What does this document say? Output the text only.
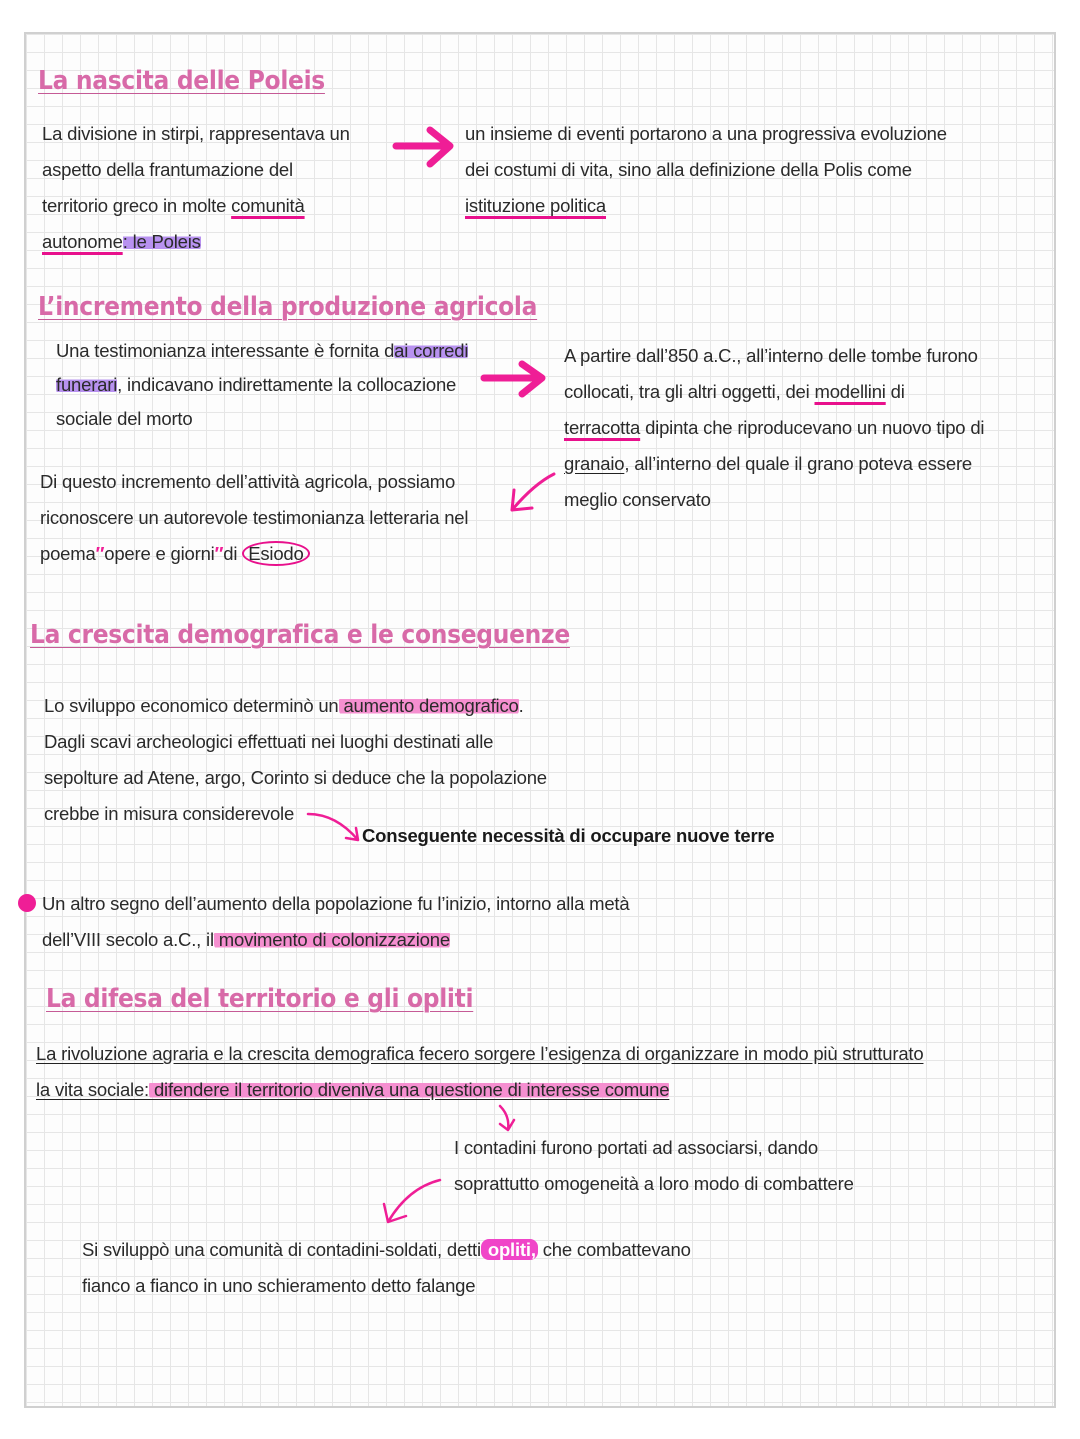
La nascita delle Poleis

La divisione in stirpi, rappresentava un

aspetto della frantumazione del

territorio greco in molte comunità

autonome: le Poleis

un insieme di eventi portarono a una progressiva evoluzione

dei costumi di vita, sino alla definizione della Polis come

istituzione politica

L’incremento della produzione agricola

Una testimonianza interessante è fornita dai corredi

funerari, indicavano indirettamente la collocazione

sociale del morto

A partire dall’850 a.C., all’interno delle tombe furono

collocati, tra gli altri oggetti, dei modellini di

terracotta dipinta che riproducevano un nuovo tipo di

granaio, all’interno del quale il grano poteva essere

meglio conservato

Di questo incremento dell’attività agricola, possiamo

riconoscere un autorevole testimonianza letteraria nel

poema″opere e giorni″di Esiodo

La crescita demografica e le conseguenze

Lo sviluppo economico determinò un aumento demografico.

Dagli scavi archeologici effettuati nei luoghi destinati alle

sepolture ad Atene, argo, Corinto si deduce che la popolazione

crebbe in misura considerevole

Conseguente necessità di occupare nuove terre

Un altro segno dell’aumento della popolazione fu l’inizio, intorno alla metà

dell’VIII secolo a.C., il movimento di colonizzazione

La difesa del territorio e gli opliti

La rivoluzione agraria e la crescita demografica fecero sorgere l’esigenza di organizzare in modo più strutturato

la vita sociale: difendere il territorio diveniva una questione di interesse comune

I contadini furono portati ad associarsi, dando

soprattutto omogeneità a loro modo di combattere

Si sviluppò una comunità di contadini-soldati, detti opliti, che combattevano

fianco a fianco in uno schieramento detto falange
